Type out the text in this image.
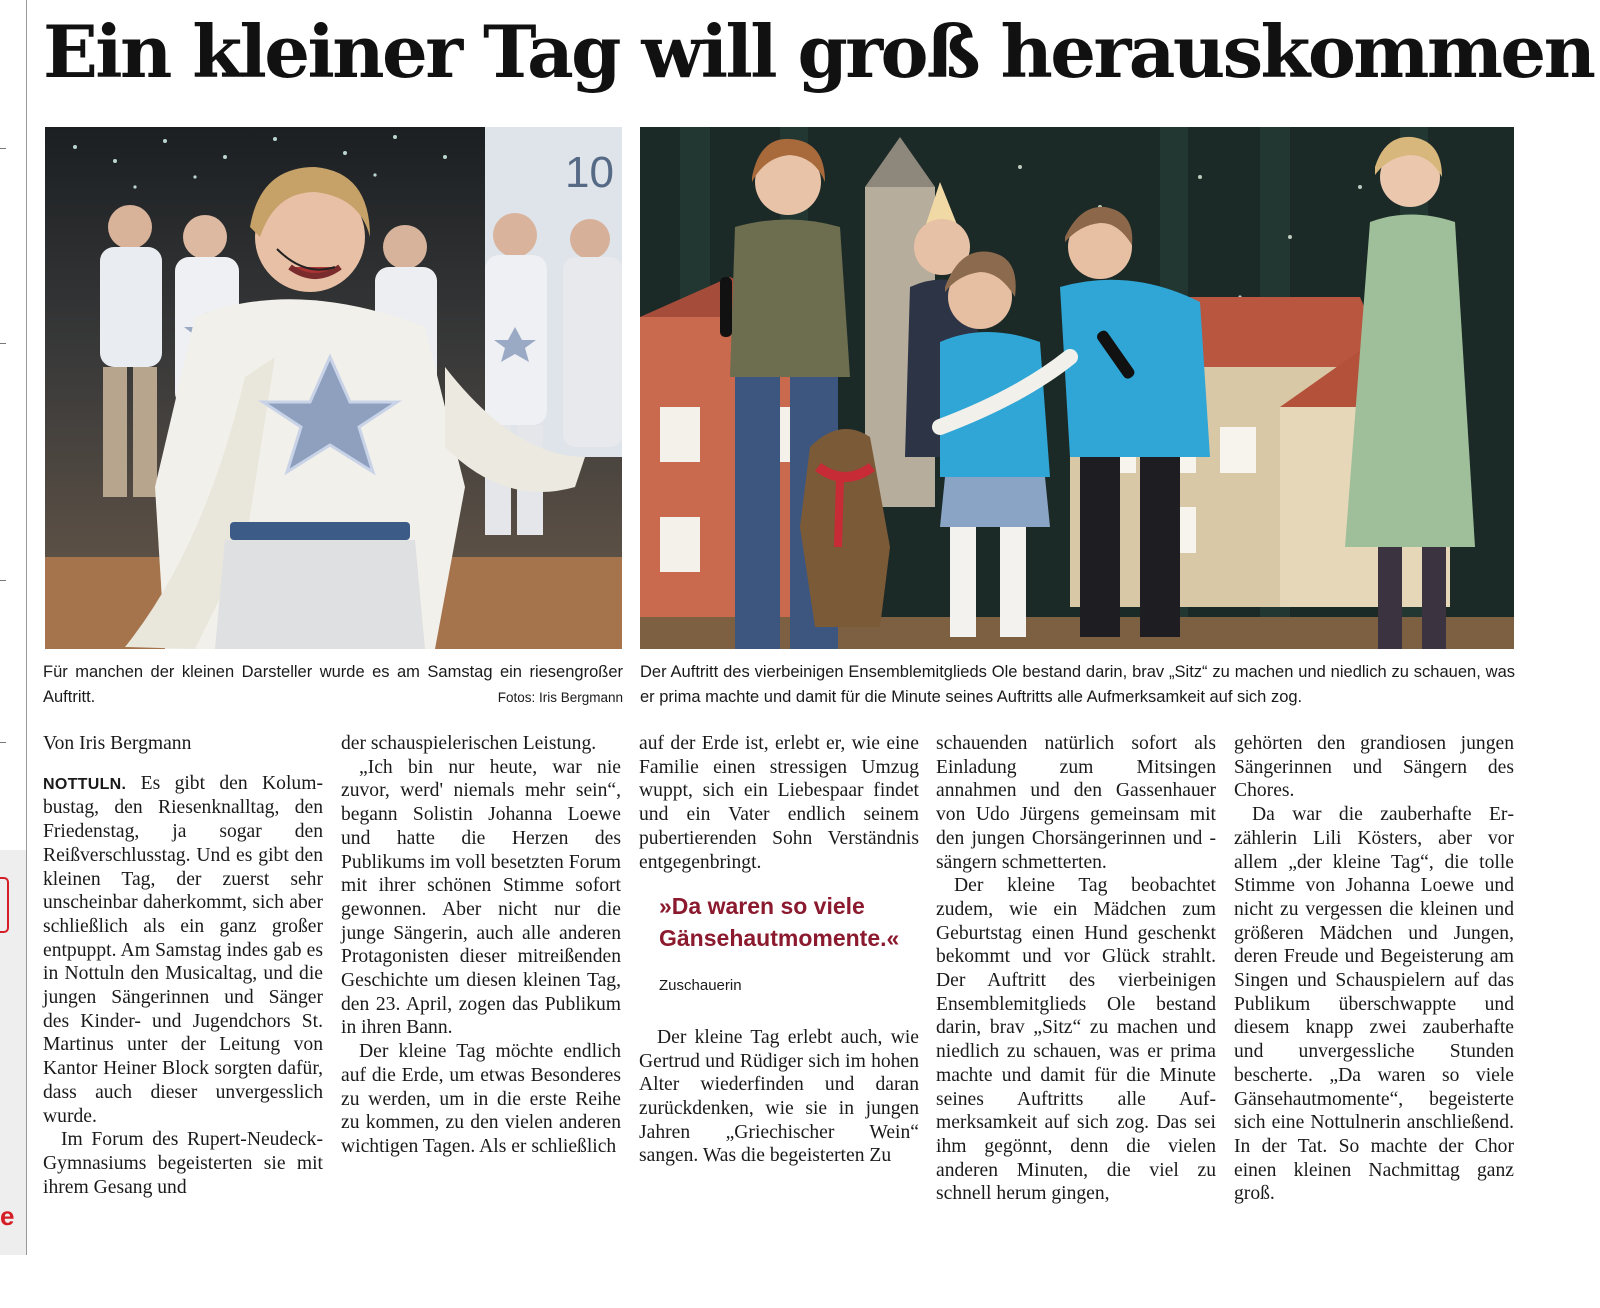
e
Ein kleiner Tag will groß herauskommen
10
Für manchen der kleinen Darsteller wurde es am Samstag ein riesengroßer Auftritt.	Fotos: Iris Bergmann
Der Auftritt des vierbeinigen Ensemblemitglieds Ole bestand darin, brav „Sitz“ zu machen und niedlich zu schauen, was er prima machte und damit für die Minute seines Auftritts alle Aufmerksamkeit auf sich zog.
Von Iris Bergmann

NOTTULN. Es gibt den Kolumbustag, den Riesenknalltag, den Friedenstag, ja sogar den Reißverschlusstag. Und es gibt den kleinen Tag, der zuerst sehr unscheinbar daherkommt, sich aber schließlich als ein ganz großer entpuppt. Am Samstag indes gab es in Nottuln den Musicaltag, und die jungen Sängerinnen und Sänger des Kinder- und Jugendchors St. Martinus unter der Leitung von Kantor Heiner Block sorgten dafür, dass auch dieser unvergesslich wurde.

Im Forum des Rupert-Neudeck-Gymnasiums begeisterten sie mit ihrem Gesang und

der schauspielerischen Leistung.

„Ich bin nur heute, war nie zuvor, werd' niemals mehr sein“, begann Solistin Johanna Loewe und hatte die Herzen des Publikums im voll besetzten Forum mit ihrer schönen Stimme sofort gewonnen. Aber nicht nur die junge Sängerin, auch alle anderen Protagonisten dieser mitreißenden Geschichte um diesen kleinen Tag, den 23. April, zogen das Publikum in ihren Bann.

Der kleine Tag möchte endlich auf die Erde, um etwas Besonderes zu werden, um in die erste Reihe zu kommen, zu den vielen anderen wichtigen Tagen. Als er schließlich

auf der Erde ist, erlebt er, wie eine Familie einen stressigen Umzug wuppt, sich ein Liebespaar findet und ein Vater endlich seinem pubertierenden Sohn Verständnis entgegenbringt.

»Da waren so viele Gänsehautmomente.«
Zuschauerin

Der kleine Tag erlebt auch, wie Gertrud und Rüdiger sich im hohen Alter wiederfinden und daran zurückdenken, wie sie in jungen Jahren „Griechischer Wein“ sangen. Was die begeisterten Zu

schauenden natürlich sofort als Einladung zum Mitsingen annahmen und den Gassenhauer von Udo Jürgens gemeinsam mit den jungen Chorsängerinnen und -sängern schmetterten.

Der kleine Tag beobachtet zudem, wie ein Mädchen zum Geburtstag einen Hund geschenkt bekommt und vor Glück strahlt. Der Auftritt des vierbeinigen Ensemblemitglieds Ole bestand darin, brav „Sitz“ zu machen und niedlich zu schauen, was er prima machte und damit für die Minute seines Auftritts alle Aufmerksamkeit auf sich zog. Das sei ihm gegönnt, denn die vielen anderen Minuten, die viel zu schnell herum gingen,

gehörten den grandiosen jungen Sängerinnen und Sängern des Chores.

Da war die zauberhafte Erzählerin Lili Kösters, aber vor allem „der kleine Tag“, die tolle Stimme von Johanna Loewe und nicht zu vergessen die kleinen und größeren Mädchen und Jungen, deren Freude und Begeisterung am Singen und Schauspielern auf das Publikum überschwappte und diesem knapp zwei zauberhafte und unvergessliche Stunden bescherte. „Da waren so viele Gänsehautmomente“, begeisterte sich eine Nottulnerin anschließend. In der Tat. So machte der Chor einen kleinen Nachmittag ganz groß.
